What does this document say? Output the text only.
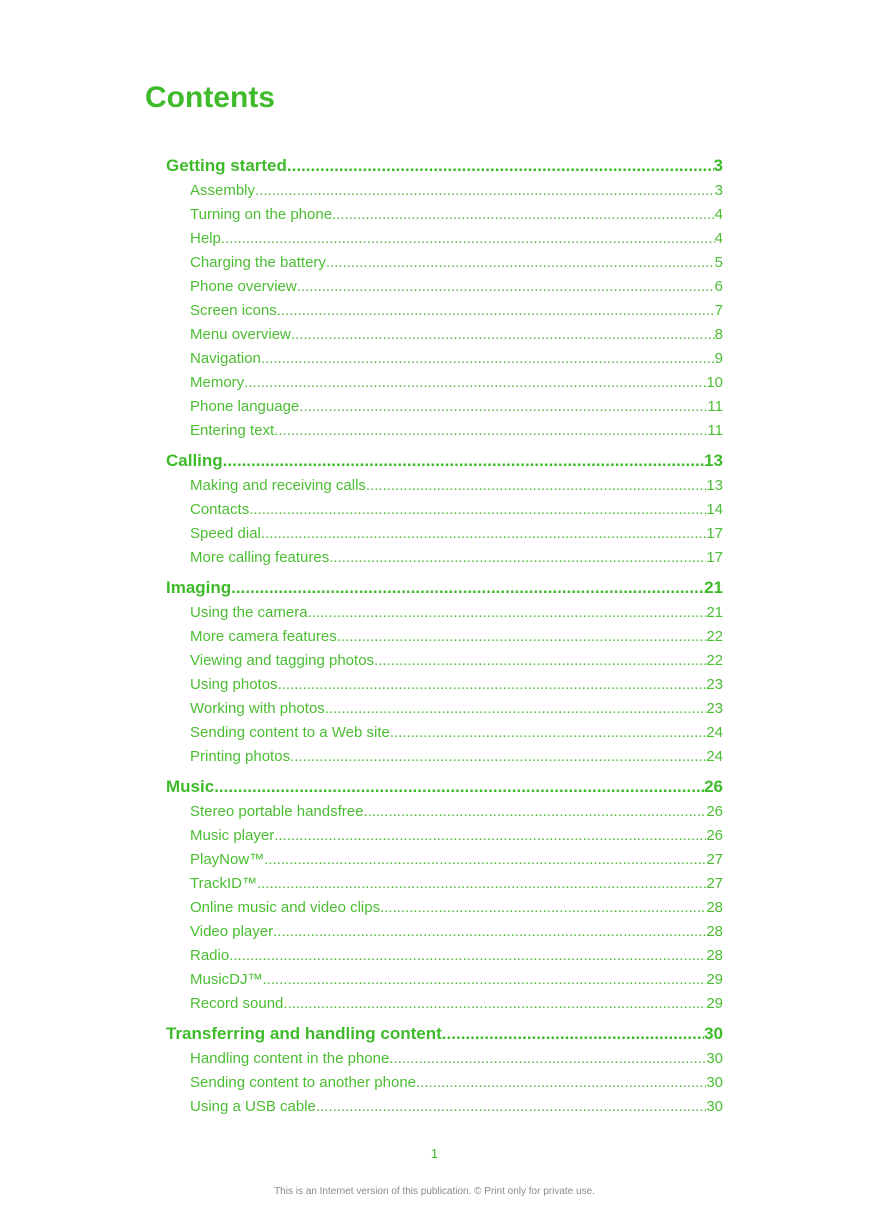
Contents
Getting started .....	3
Assembly .....	3
Turning on the phone .....	4
Help .....	4
Charging the battery .....	5
Phone overview .....	6
Screen icons .....	7
Menu overview .....	8
Navigation .....	9
Memory .....	10
Phone language .....	11
Entering text .....	11
Calling .....	13
Making and receiving calls .....	13
Contacts .....	14
Speed dial .....	17
More calling features .....	17
Imaging .....	21
Using the camera .....	21
More camera features .....	22
Viewing and tagging photos .....	22
Using photos .....	23
Working with photos .....	23
Sending content to a Web site .....	24
Printing photos .....	24
Music .....	26
Stereo portable handsfree .....	26
Music player .....	26
PlayNow™ .....	27
TrackID™ .....	27
Online music and video clips .....	28
Video player .....	28
Radio .....	28
MusicDJ™ .....	29
Record sound .....	29
Transferring and handling content .....	30
Handling content in the phone .....	30
Sending content to another phone .....	30
Using a USB cable .....	30
1
This is an Internet version of this publication. © Print only for private use.
